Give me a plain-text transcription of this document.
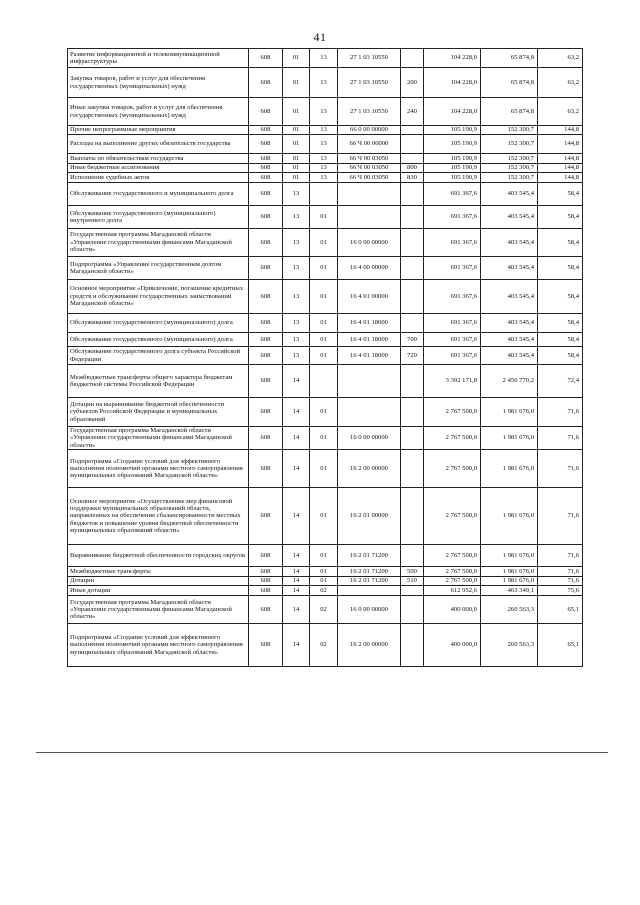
41
Развитие информационной и телекоммуникационной инфраструктуры	608	01	13	27 1 03 10550		104 228,0	65 874,8	63,2
Закупка товаров, работ и услуг для обеспечения государственных (муниципальных) нужд	608	01	13	27 1 03 10550	200	104 228,0	65 874,8	63,2
Иные закупки товаров, работ и услуг для обеспечения государственных (муниципальных) нужд	608	01	13	27 1 03 10550	240	104 228,0	65 874,8	63,2
Прочие непрограммные мероприятия	608	01	13	66 0 00 00000		105 190,9	152 300,7	144,8
Расходы на выполнение других обязательств государства	608	01	13	66 Ч 00 00000		105 190,9	152 300,7	144,8
Выплаты по обязательствам государства	608	01	13	66 Ч 00 03050		105 190,9	152 300,7	144,8
Иные бюджетные ассигнования	608	01	13	66 Ч 00 03050	800	105 190,9	152 300,7	144,8
Исполнение судебных актов	608	01	13	66 Ч 00 03050	830	105 190,9	152 300,7	144,8
Обслуживание государственного и муниципального долга	608	13				691 367,6	403 545,4	58,4
Обслуживание государственного (муниципального) внутреннего долга	608	13	01			691 367,6	403 545,4	58,4
Государственная программа Магаданской области «Управление государственными финансами Магаданской области»	608	13	01	16 0 00 00000		691 367,6	403 545,4	58,4
Подпрограмма «Управление государственным долгом Магаданской области»	608	13	01	16 4 00 00000		691 367,6	403 545,4	58,4
Основное мероприятие «Привлечение, погашение кредитных средств и обслуживание государственных заимствований Магаданской области»	608	13	01	16 4 01 00000		691 367,6	403 545,4	58,4
Обслуживание государственного (муниципального) долга	608	13	01	16 4 01 18000		691 367,6	403 545,4	58,4
Обслуживание государственного (муниципального) долга	608	13	01	16 4 01 18000	700	691 367,6	403 545,4	58,4
Обслуживание государственного долга субъекта Российской Федерации	608	13	01	16 4 01 18000	720	691 367,6	403 545,4	58,4
Межбюджетные трансферты общего характера бюджетам бюджетной системы Российской Федерации	608	14				3 392 171,8	2 456 770,2	72,4
Дотации на выравнивание бюджетной обеспеченности субъектов Российской Федерации и муниципальных образований	608	14	01			2 767 500,0	1 981 676,0	71,6
Государственная программа Магаданской области «Управление государственными финансами Магаданской области»	608	14	01	16 0 00 00000		2 767 500,0	1 981 676,0	71,6
Подпрограмма «Создание условий для эффективного выполнения полномочий органами местного самоуправления муниципальных образований Магаданской области»	608	14	01	16 2 00 00000		2 767 500,0	1 981 676,0	71,6
Основное мероприятие «Осуществление мер финансовой поддержки муниципальных образований области, направленных на обеспечение сбалансированности местных бюджетов и повышение уровня бюджетной обеспеченности муниципальных образований области»	608	14	01	16 2 01 00000		2 767 500,0	1 981 676,0	71,6
Выравнивание бюджетной обеспеченности городских округов	608	14	01	16 2 01 71200		2 767 500,0	1 981 676,0	71,6
Межбюджетные трансферты	608	14	01	16 2 01 71200	500	2 767 500,0	1 981 676,0	71,6
Дотации	608	14	01	16 2 01 71200	510	2 767 500,0	1 981 676,0	71,6
Иные дотации	608	14	02			612 952,6	463 349,1	75,6
Государственная программа Магаданской области «Управление государственными финансами Магаданской области»	608	14	02	16 0 00 00000		400 000,0	260 563,3	65,1
Подпрограмма «Создание условий для эффективного выполнения полномочий органами местного самоуправления муниципальных образований Магаданской области»	608	14	02	16 2 00 00000		400 000,0	260 563,3	65,1
